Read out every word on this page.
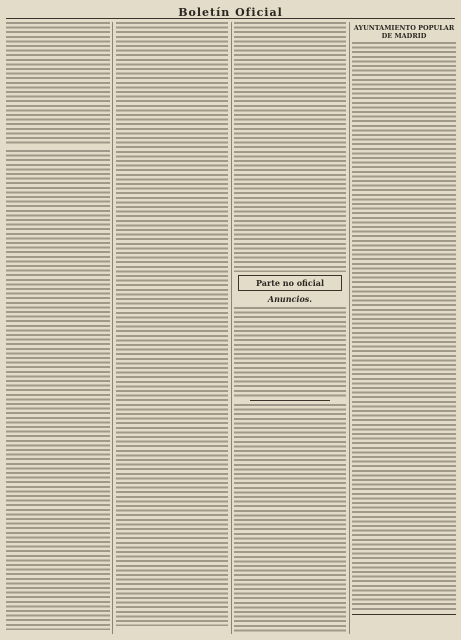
Boletín Oficial
Parte no oficial
Anuncios.
AYUNTAMIENTO POPULAR DE MADRID
